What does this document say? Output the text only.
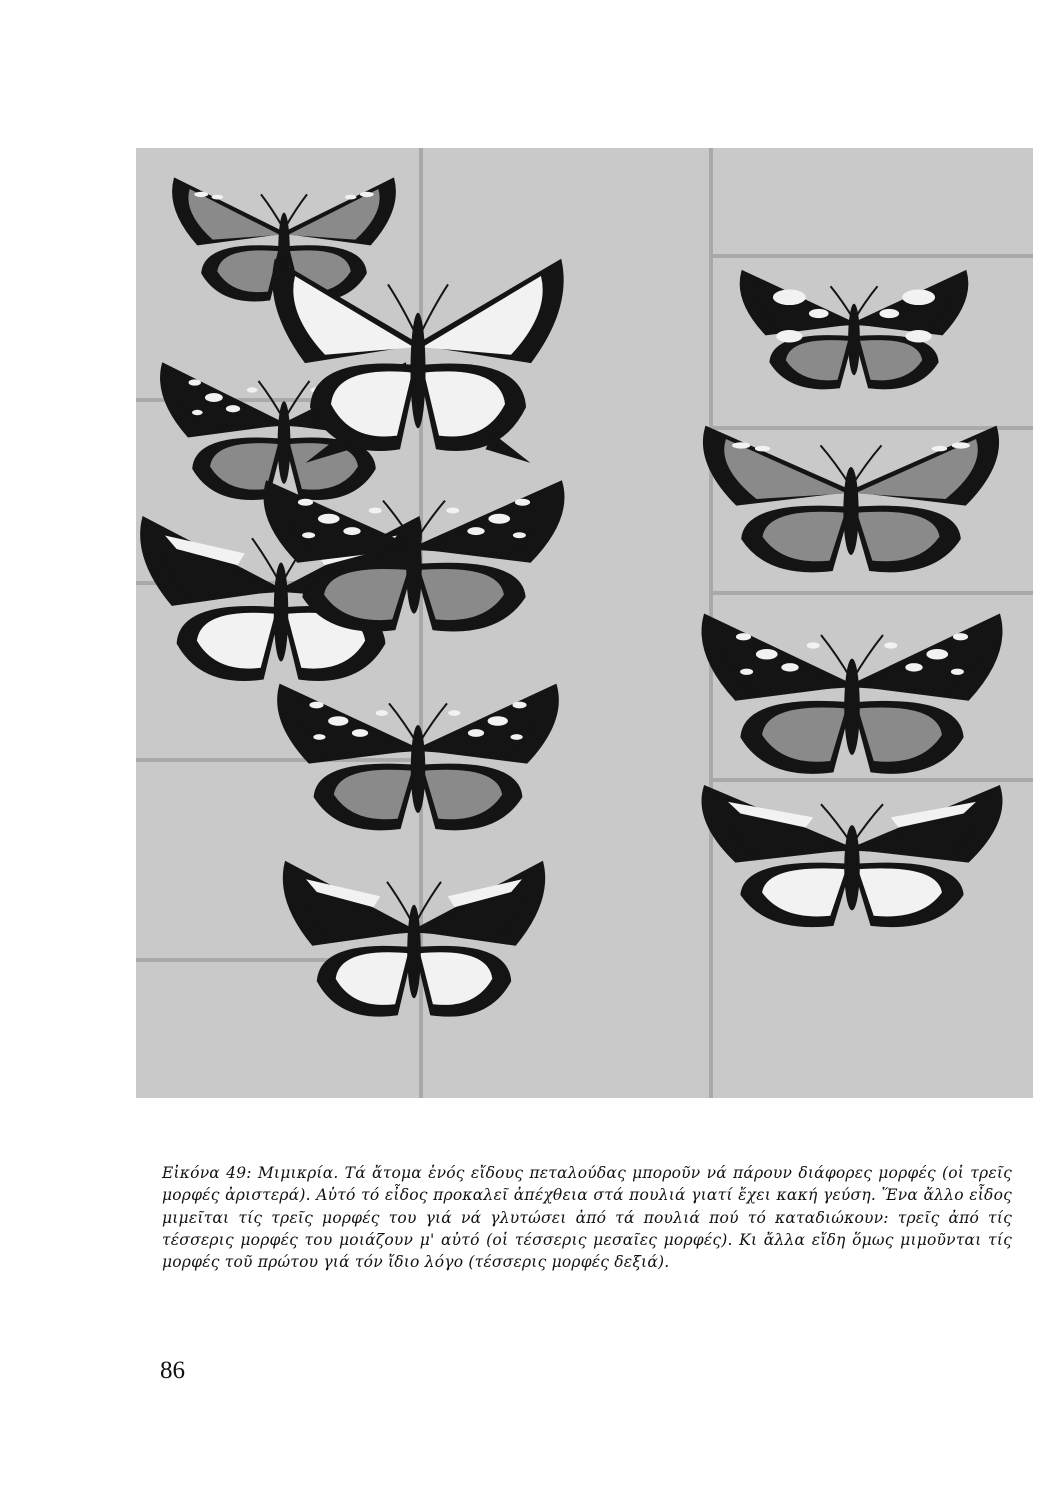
Εἰκόνα 49: Μιμικρία. Τά ἄτομα ἑνός εἴδους πεταλούδας μποροῦν νά πάρουν διάφορες μορφές (οἱ τρεῖς μορφές ἀριστερά). Αὐτό τό εἶδος προκαλεῖ ἀπέχθεια στά πουλιά γιατί ἔχει κακή γεύση. Ἕνα ἄλλο εἶδος μιμεῖται τίς τρεῖς μορφές του γιά νά γλυτώσει ἀπό τά πουλιά πού τό καταδιώκουν: τρεῖς ἀπό τίς τέσσερις μορφές του μοιάζουν μ' αὐτό (οἱ τέσσερις μεσαῖες μορφές). Κι ἄλλα εἴδη ὅμως μιμοῦνται τίς μορφές τοῦ πρώτου γιά τόν ἴδιο λόγο (τέσσερις μορφές δεξιά).
86
